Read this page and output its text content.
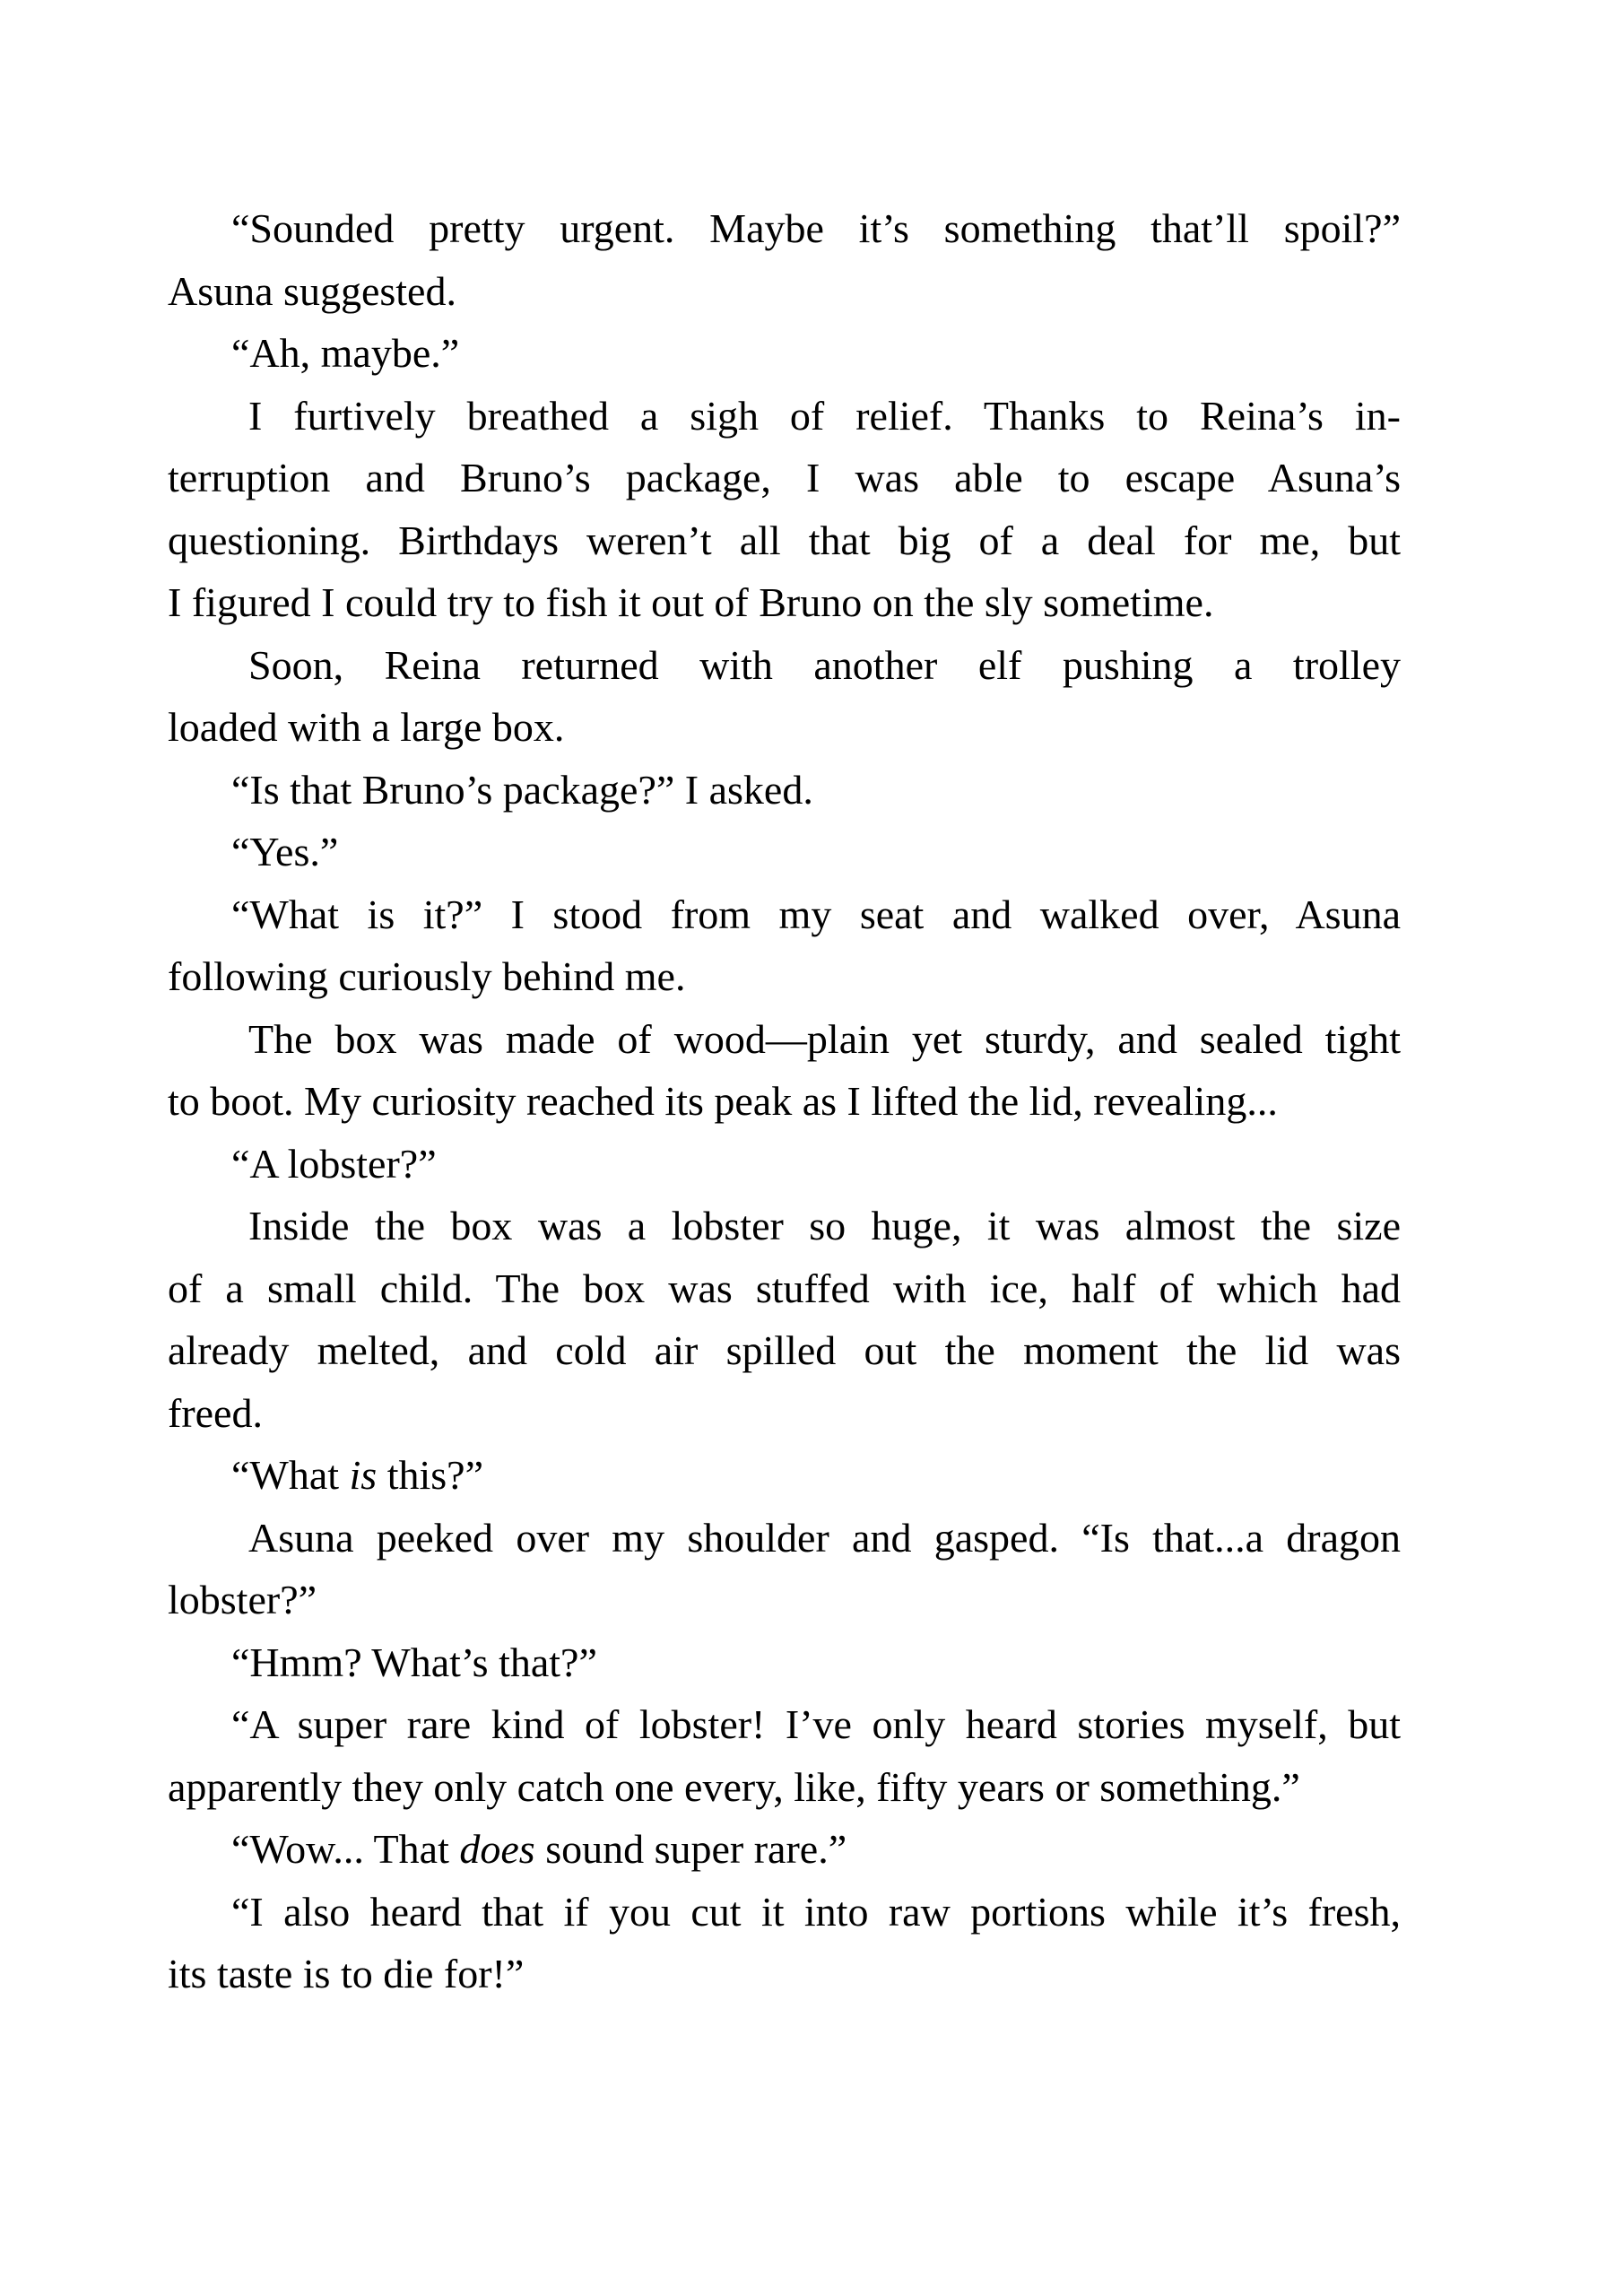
“Sounded pretty urgent. Maybe it’s something that’ll spoil?”
Asuna suggested.
“Ah, maybe.”
I furtively breathed a sigh of relief. Thanks to Reina’s in-
terruption and Bruno’s package, I was able to escape Asuna’s
questioning. Birthdays weren’t all that big of a deal for me, but
I figured I could try to fish it out of Bruno on the sly sometime.
Soon, Reina returned with another elf pushing a trolley
loaded with a large box.
“Is that Bruno’s package?” I asked.
“Yes.”
“What is it?” I stood from my seat and walked over, Asuna
following curiously behind me.
The box was made of wood—plain yet sturdy, and sealed tight
to boot. My curiosity reached its peak as I lifted the lid, revealing...
“A lobster?”
Inside the box was a lobster so huge, it was almost the size
of a small child. The box was stuffed with ice, half of which had
already melted, and cold air spilled out the moment the lid was
freed.
“What is this?”
Asuna peeked over my shoulder and gasped. “Is that...a dragon
lobster?”
“Hmm? What’s that?”
“A super rare kind of lobster! I’ve only heard stories myself, but
apparently they only catch one every, like, fifty years or something.”
“Wow... That does sound super rare.”
“I also heard that if you cut it into raw portions while it’s fresh,
its taste is to die for!”
